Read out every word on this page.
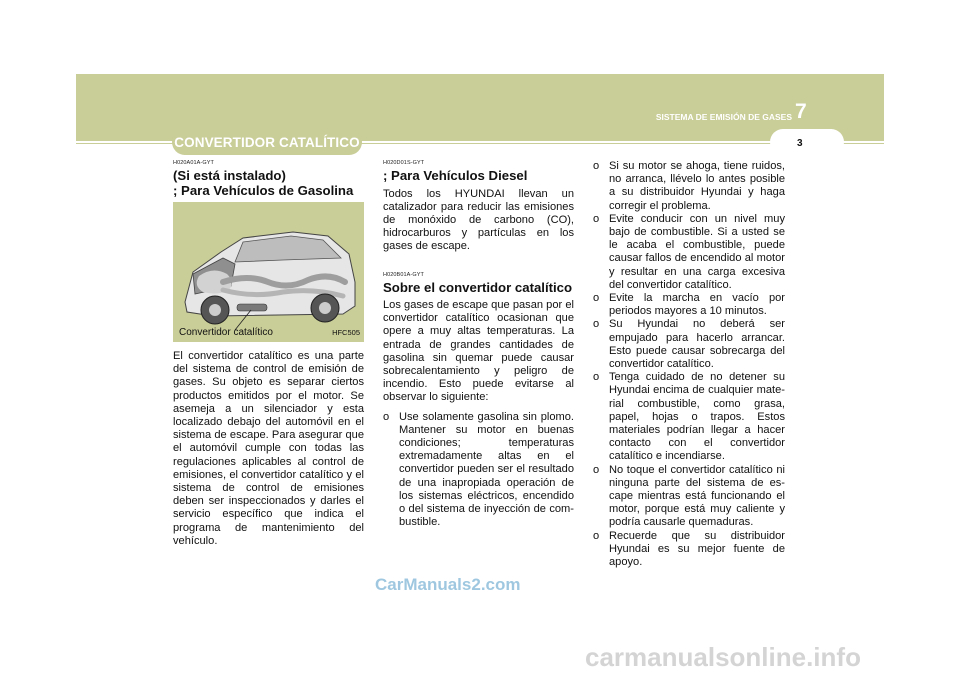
SISTEMA DE EMISIÓN DE GASES 7
3
CONVERTIDOR CATALÍTICO
H020A01A-GYT
(Si está instalado)
; Para Vehículos de Gasolina
Convertidor catalítico	HFC505

El convertidor catalítico es una parte del sistema de control de emisión de gases. Su objeto es separar ciertos productos emitidos por el motor. Se asemeja a un silenciador y esta localizado debajo del automóvil en el sistema de escape. Para asegurar que el automóvil cumple con todas las regulaciones aplicables al control de emisiones, el convertidor catalítico y el sistema de control de emisiones deben ser inspeccionados y darles el servicio específico que indica el programa de mantenimiento del vehículo.

H020D01S-GYT
; Para Vehículos Diesel

Todos los HYUNDAI llevan un catalizador para reducir las emisiones de monóxido de carbono (CO), hidrocarburos y partículas en los gases de escape.

H020B01A-GYT
Sobre el convertidor catalítico

Los gases de escape que pasan por el convertidor catalítico ocasionan que opere a muy altas temperaturas. La entrada de grandes cantidades de gasolina sin quemar puede causar sobrecalentamiento y peligro de incendio. Esto puede evitarse al observar lo siguiente:

o Use solamente gasolina sin plomo. Mantener su motor en buenas condiciones; temperaturas extremadamente altas en el convertidor pueden ser el resultado de una inapropiada operación de los sistemas eléctricos, encendido o del sistema de inyección de com- bustible.
o Si su motor se ahoga, tiene ruidos, no arranca, llévelo lo antes posible a su distribuidor Hyundai y haga corregir el problema.
o Evite conducir con un nivel muy bajo de combustible. Si a usted se le acaba el combustible, puede causar fallos de encendido al motor y resultar en una carga excesiva del convertidor catalítico.
o Evite la marcha en vacío por periodos mayores a 10 minutos.
o Su Hyundai no deberá ser empujado para hacerlo arrancar. Esto puede causar sobrecarga del convertidor catalítico.
o Tenga cuidado de no detener su Hyundai encima de cualquier mate- rial combustible, como grasa, papel, hojas o trapos. Estos materiales podrían llegar a hacer contacto con el convertidor catalítico e incendiarse.
o No toque el convertidor catalítico ni ninguna parte del sistema de es- cape mientras está funcionando el motor, porque está muy caliente y podría causarle quemaduras.
o Recuerde que su distribuidor Hyundai es su mejor fuente de apoyo.
CarManuals2.com
carmanualsonline.info
